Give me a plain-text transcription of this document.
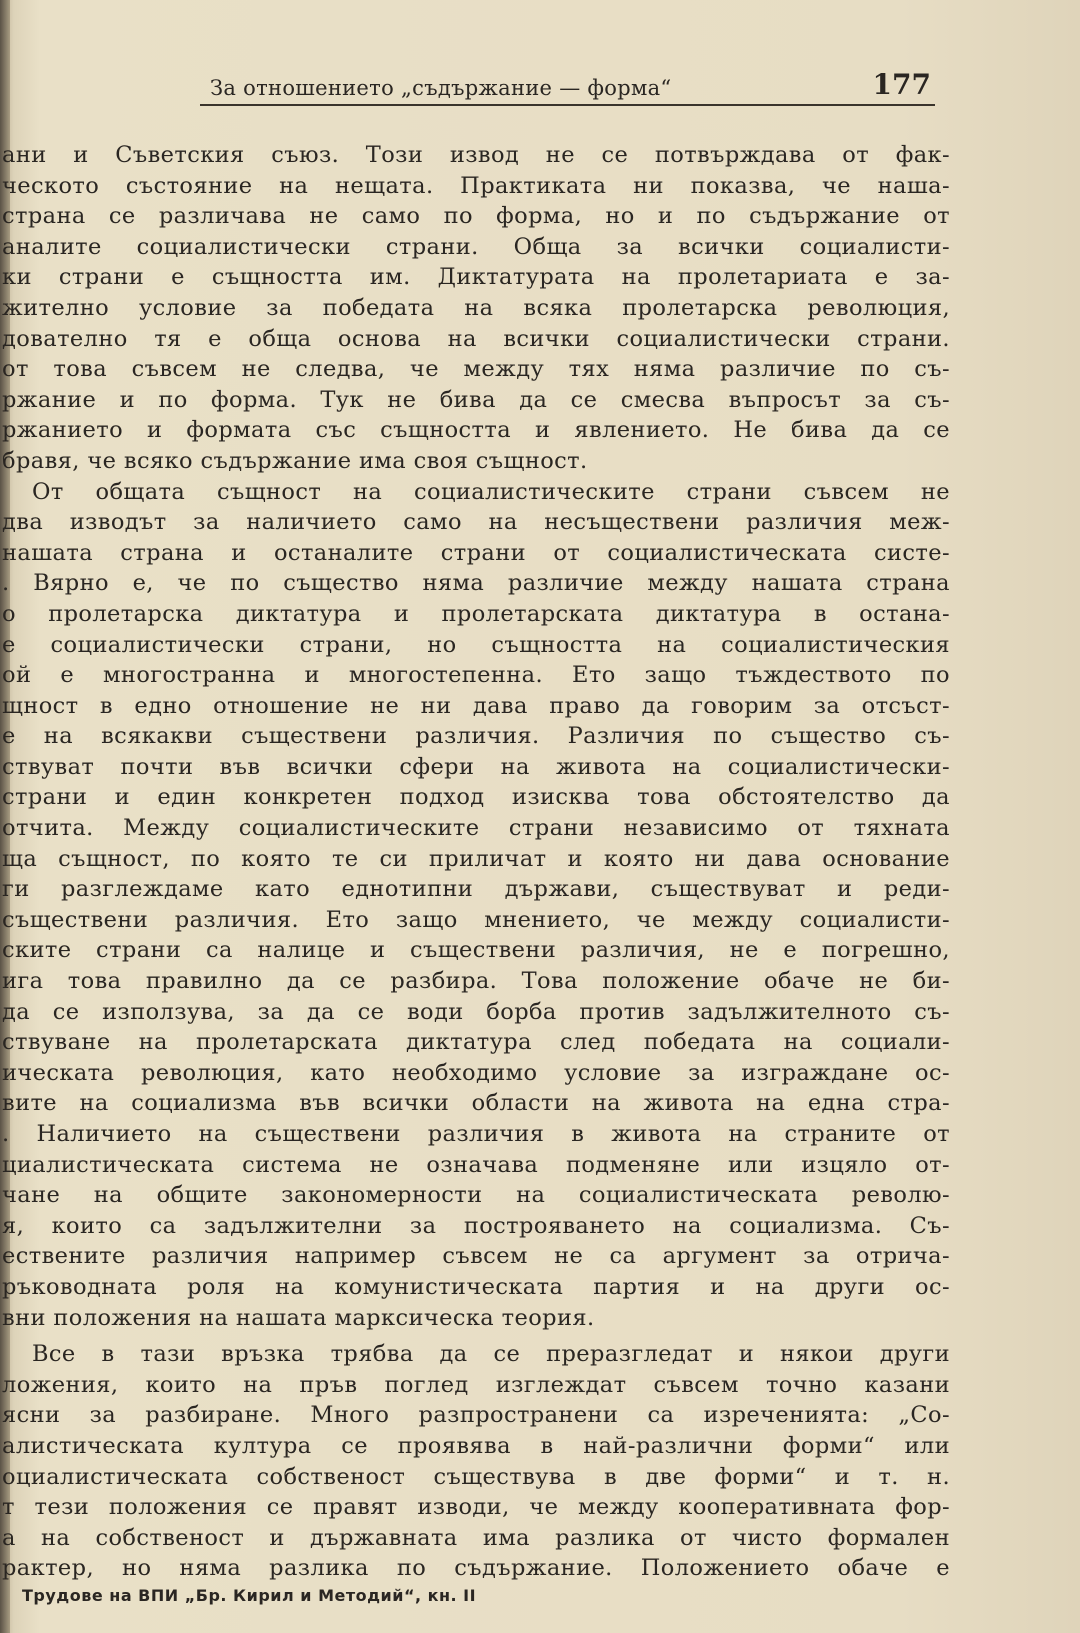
За отношението „съдържание — форма“	177
ани и Съветския съюз. Този извод не се потвърждава от фак-
ческото състояние на нещата. Практиката ни показва, че наша-
страна се различава не само по форма, но и по съдържание от
аналите социалистически страни. Обща за всички социалисти-
ки страни е същността им. Диктатурата на пролетариата е за-
жително условие за победата на всяка пролетарска революция,
дователно тя е обща основа на всички социалистически страни.
от това съвсем не следва, че между тях няма различие по съ-
ржание и по форма. Тук не бива да се смесва въпросът за съ-
ржанието и формата със същността и явлението. Не бива да се
бравя, че всяко съдържание има своя същност.
От общата същност на социалистическите страни съвсем не
два изводът за наличието само на несъществени различия меж-
нашата страна и останалите страни от социалистическата систе-
. Вярно е, че по същество няма различие между нашата страна
о пролетарска диктатура и пролетарската диктатура в остана-
е социалистически страни, но същността на социалистическия
ой е многостранна и многостепенна. Ето защо тъждеството по
щност в едно отношение не ни дава право да говорим за отсъст-
е на всякакви съществени различия. Различия по същество съ-
ствуват почти във всички сфери на живота на социалистически-
страни и един конкретен подход изисква това обстоятелство да
отчита. Между социалистическите страни независимо от тяхната
ща същност, по която те си приличат и която ни дава основание
ги разглеждаме като еднотипни държави, съществуват и реди-
съществени различия. Ето защо мнението, че между социалисти-
ските страни са налице и съществени различия, не е погрешно,
ига това правилно да се разбира. Това положение обаче не би-
да се използува, за да се води борба против задължителното съ-
ствуване на пролетарската диктатура след победата на социали-
ическата революция, като необходимо условие за изграждане ос-
вите на социализма във всички области на живота на една стра-
. Наличието на съществени различия в живота на страните от
циалистическата система не означава подменяне или изцяло от-
чане на общите закономерности на социалистическата револю-
я, които са задължителни за построяването на социализма. Съ-
ествените различия например съвсем не са аргумент за отрича-
ръководната роля на комунистическата партия и на други ос-
вни положения на нашата марксическа теория.
Все в тази връзка трябва да се преразгледат и някои други
ложения, които на пръв поглед изглеждат съвсем точно казани
ясни за разбиране. Много разпространени са изреченията: „Со-
алистическата култура се проявява в най-различни форми“ или
оциалистическата собственост съществува в две форми“ и т. н.
т тези положения се правят изводи, че между кооперативната фор-
а на собственост и държавната има разлика от чисто формален
рактер, но няма разлика по съдържание. Положението обаче е
Трудове на ВПИ „Бр. Кирил и Методий“, кн. II
